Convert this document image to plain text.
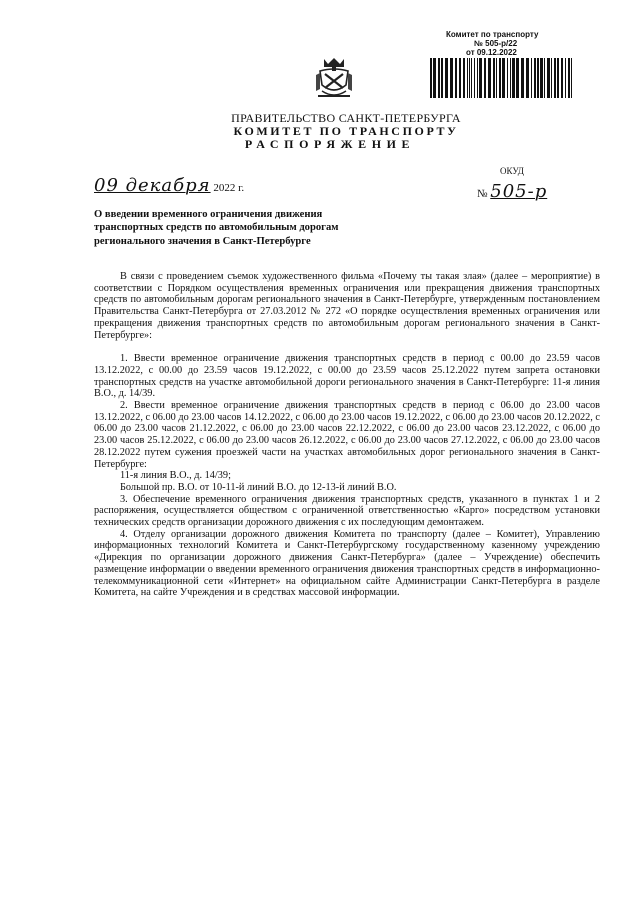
Комитет по транспорту
№ 505-р/22
от 09.12.2022
ПРАВИТЕЛЬСТВО САНКТ-ПЕТЕРБУРГА
КОМИТЕТ ПО ТРАНСПОРТУ
РАСПОРЯЖЕНИЕ
ОКУД
09 декабря 2022 г.	№ 505-р
О введении временного ограничения движения транспортных средств по автомобильным дорогам регионального значения в Санкт-Петербурге

В связи с проведением съемок художественного фильма «Почему ты такая злая» (далее – мероприятие) в соответствии с Порядком осуществления временных ограничения или прекращения движения транспортных средств по автомобильным дорогам регионального значения в Санкт-Петербурге, утвержденным постановлением Правительства Санкт-Петербурга от 27.03.2012 № 272 «О порядке осуществления временных ограничения или прекращения движения транспортных средств по автомобильным дорогам регионального значения в Санкт-Петербурге»:

1. Ввести временное ограничение движения транспортных средств в период с 00.00 до 23.59 часов 13.12.2022, с 00.00 до 23.59 часов 19.12.2022, с 00.00 до 23.59 часов 25.12.2022 путем запрета остановки транспортных средств на участке автомобильной дороги регионального значения в Санкт-Петербурге: 11-я линия В.О., д. 14/39.

2. Ввести временное ограничение движения транспортных средств в период с 06.00 до 23.00 часов 13.12.2022, с 06.00 до 23.00 часов 14.12.2022, с 06.00 до 23.00 часов 19.12.2022, с 06.00 до 23.00 часов 20.12.2022, с 06.00 до 23.00 часов 21.12.2022, с 06.00 до 23.00 часов 22.12.2022, с 06.00 до 23.00 часов 23.12.2022, с 06.00 до 23.00 часов 25.12.2022, с 06.00 до 23.00 часов 26.12.2022, с 06.00 до 23.00 часов 27.12.2022, с 06.00 до 23.00 часов 28.12.2022 путем сужения проезжей части на участках автомобильных дорог регионального значения в Санкт-Петербурге:

11-я линия В.О., д. 14/39;

Большой пр. В.О. от 10-11-й линий В.О. до 12-13-й линий В.О.

3. Обеспечение временного ограничения движения транспортных средств, указанного в пунктах 1 и 2 распоряжения, осуществляется обществом с ограниченной ответственностью «Карго» посредством установки технических средств организации дорожного движения с их последующим демонтажем.

4. Отделу организации дорожного движения Комитета по транспорту (далее – Комитет), Управлению информационных технологий Комитета и Санкт-Петербургскому государственному казенному учреждению «Дирекция по организации дорожного движения Санкт-Петербурга» (далее – Учреждение) обеспечить размещение информации о введении временного ограничения движения транспортных средств в информационно-телекоммуникационной сети «Интернет» на официальном сайте Администрации Санкт-Петербурга в разделе Комитета, на сайте Учреждения и в средствах массовой информации.
